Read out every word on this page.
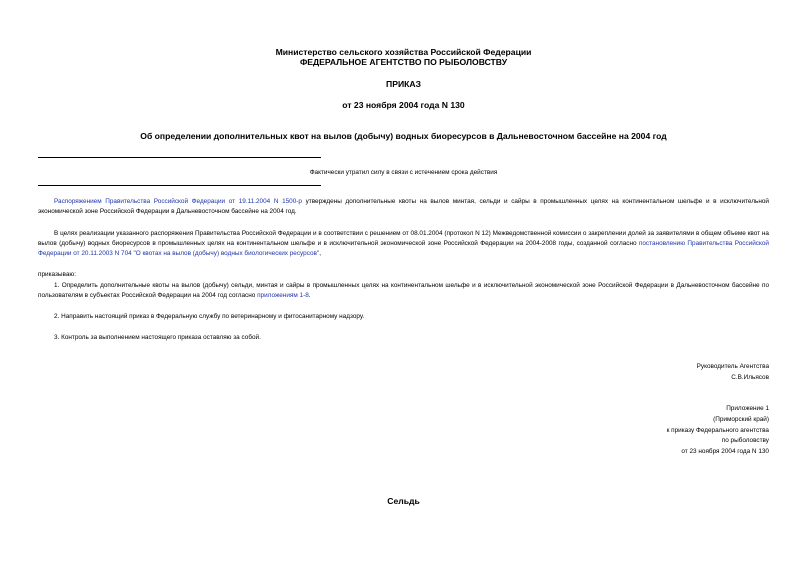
Министерство сельского хозяйства Российской Федерации
ФЕДЕРАЛЬНОЕ АГЕНТСТВО ПО РЫБОЛОВСТВУ
ПРИКАЗ
от 23 ноября 2004 года N 130
Об определении дополнительных квот на вылов (добычу) водных биоресурсов в Дальневосточном бассейне на 2004 год
Фактически утратил силу в связи с истечением срока действия
Распоряжением Правительства Российской Федерации от 19.11.2004 N 1500-р утверждены дополнительные квоты на вылов минтая, сельди и сайры в промышленных целях на континентальном шельфе и в исключительной экономической зоне Российской Федерации в Дальневосточном бассейне на 2004 год.
В целях реализации указанного распоряжения Правительства Российской Федерации и в соответствии с решением от 08.01.2004 (протокол N 12) Межведомственной комиссии о закреплении долей за заявителями в общем объеме квот на вылов (добычу) водных биоресурсов в промышленных целях на континентальном шельфе и в исключительной экономической зоне Российской Федерации на 2004-2008 годы, созданной согласно постановлению Правительства Российской Федерации от 20.11.2003 N 704 "О квотах на вылов (добычу) водных биологических ресурсов",
приказываю:
1. Определить дополнительные квоты на вылов (добычу) сельди, минтая и сайры в промышленных целях на континентальном шельфе и в исключительной экономической зоне Российской Федерации в Дальневосточном бассейне по пользователям в субъектах Российской Федерации на 2004 год согласно приложениям 1-8.
2. Направить настоящий приказ в Федеральную службу по ветеринарному и фитосанитарному надзору.
3. Контроль за выполнением настоящего приказа оставляю за собой.
Руководитель Агентства
С.В.Ильясов
Приложение 1
(Приморский край)
к приказу Федерального агентства
по рыболовству
от 23 ноября 2004 года N 130
Сельдь
